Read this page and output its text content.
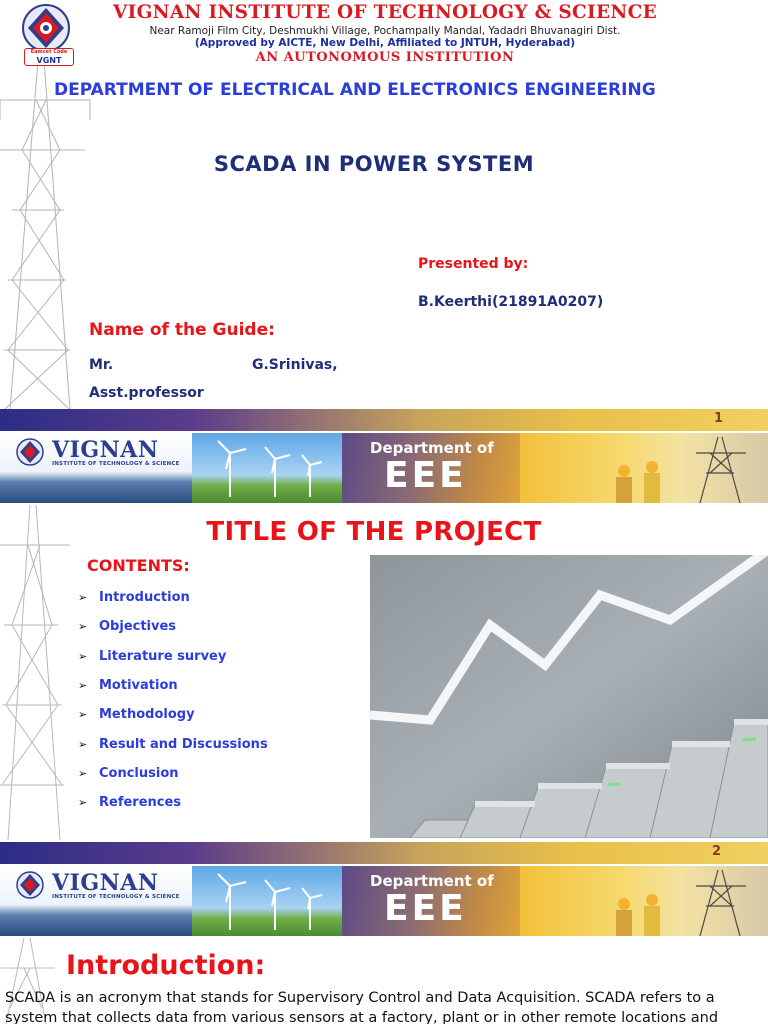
Eamcet Code
VGNT
VIGNAN INSTITUTE OF TECHNOLOGY & SCIENCE
Near Ramoji Film City, Deshmukhi Village, Pochampally Mandal, Yadadri Bhuvanagiri Dist.
(Approved by AICTE, New Delhi, Affiliated to JNTUH, Hyderabad)
AN AUTONOMOUS INSTITUTION
DEPARTMENT OF ELECTRICAL AND ELECTRONICS ENGINEERING
SCADA IN POWER SYSTEM
Presented by:
B.Keerthi(21891A0207)
Name of the Guide:
Mr.	G.Srinivas,
Asst.professor
1
VIGNAN
INSTITUTE OF TECHNOLOGY & SCIENCE
Department of
EEE
TITLE OF THE PROJECT
CONTENTS:
➢ Introduction
➢ Objectives
➢ Literature survey
➢ Motivation
➢ Methodology
➢ Result and Discussions
➢ Conclusion
➢ References
2
VIGNAN
INSTITUTE OF TECHNOLOGY & SCIENCE
Department of
EEE
Introduction:
SCADA is an acronym that stands for Supervisory Control and Data Acquisition. SCADA refers to a
system that collects data from various sensors at a factory, plant or in other remote locations and
